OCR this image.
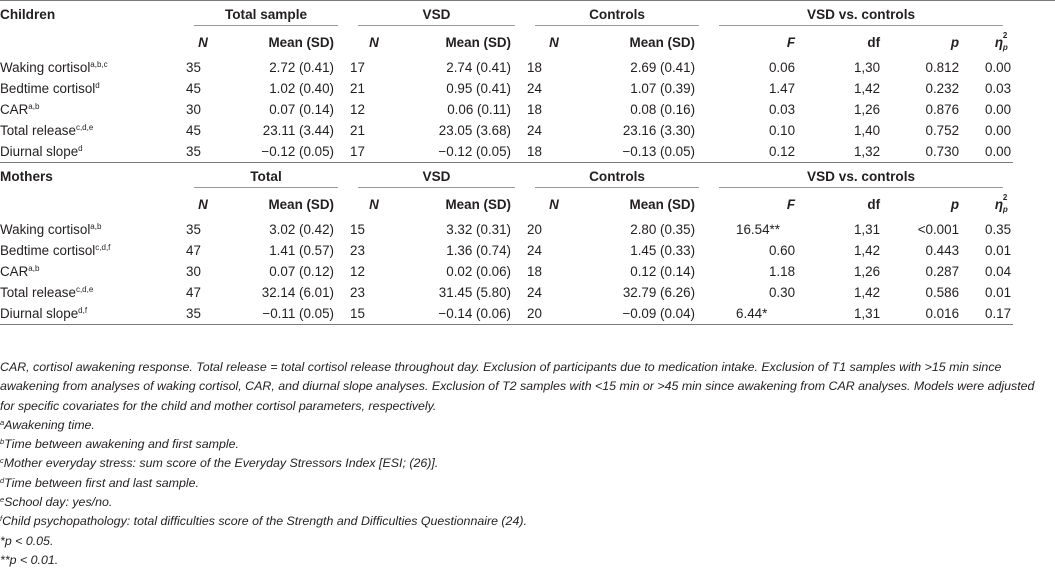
Children	Total sample		VSD		Controls		VSD vs. controls			
	N	Mean (SD)	N	Mean (SD)	N	Mean (SD)	F	df	p	η 2
p

Waking cortisol$^{a,b,c}$	35	2.72 (0.41)	17	2.74 (0.41)	18	2.69 (0.41)	0.06	1,30	0.812	0.00
Bedtime cortisol$^d$	45	1.02 (0.40)	21	0.95 (0.41)	24	1.07 (0.39)	1.47	1,42	0.232	0.03
CAR$^{a,b}$	30	0.07 (0.14)	12	0.06 (0.11)	18	0.08 (0.16)	0.03	1,26	0.876	0.00
Total release$^{c,d,e}$	45	23.11 (3.44)	21	23.05 (3.68)	24	23.16 (3.30)	0.10	1,40	0.752	0.00
Diurnal slope$^d$	35	−0.12 (0.05)	17	−0.12 (0.05)	18	−0.13 (0.05)	0.12	1,32	0.730	0.00
Mothers	Total		VSD		Controls		VSD vs. controls			
	N	Mean (SD)	N	Mean (SD)	N	Mean (SD)	F	df	p	η 2
p

Waking cortisol$^{a,b}$	35	3.02 (0.42)	15	3.32 (0.31)	20	2.80 (0.35)	16.54**	1,31	<0.001	0.35
Bedtime cortisol$^{c,d,f}$	47	1.41 (0.57)	23	1.36 (0.74)	24	1.45 (0.33)	0.60	1,42	0.443	0.01
CAR$^{a,b}$	30	0.07 (0.12)	12	0.02 (0.06)	18	0.12 (0.14)	1.18	1,26	0.287	0.04
Total release$^{c,d,e}$	47	32.14 (6.01)	23	31.45 (5.80)	24	32.79 (6.26)	0.30	1,42	0.586	0.01
Diurnal slope$^{d,f}$	35	−0.11 (0.05)	15	−0.14 (0.06)	20	−0.09 (0.04)	6.44*	1,31	0.016	0.17

CAR, cortisol awakening response. Total release = total cortisol release throughout day. Exclusion of participants due to medication intake. Exclusion of T1 samples with >15 min since awakening from analyses of waking cortisol, CAR, and diurnal slope analyses. Exclusion of T2 samples with <15 min or >45 min since awakening from CAR analyses. Models were adjusted for specific covariates for the child and mother cortisol parameters, respectively.

$^a$Awakening time.

$^b$Time between awakening and first sample.

$^c$Mother everyday stress: sum score of the Everyday Stressors Index [ESI; (26)].

$^d$Time between first and last sample.

$^e$School day: yes/no.

$^f$Child psychopathology: total difficulties score of the Strength and Difficulties Questionnaire (24).

*p < 0.05.

**p < 0.01.
